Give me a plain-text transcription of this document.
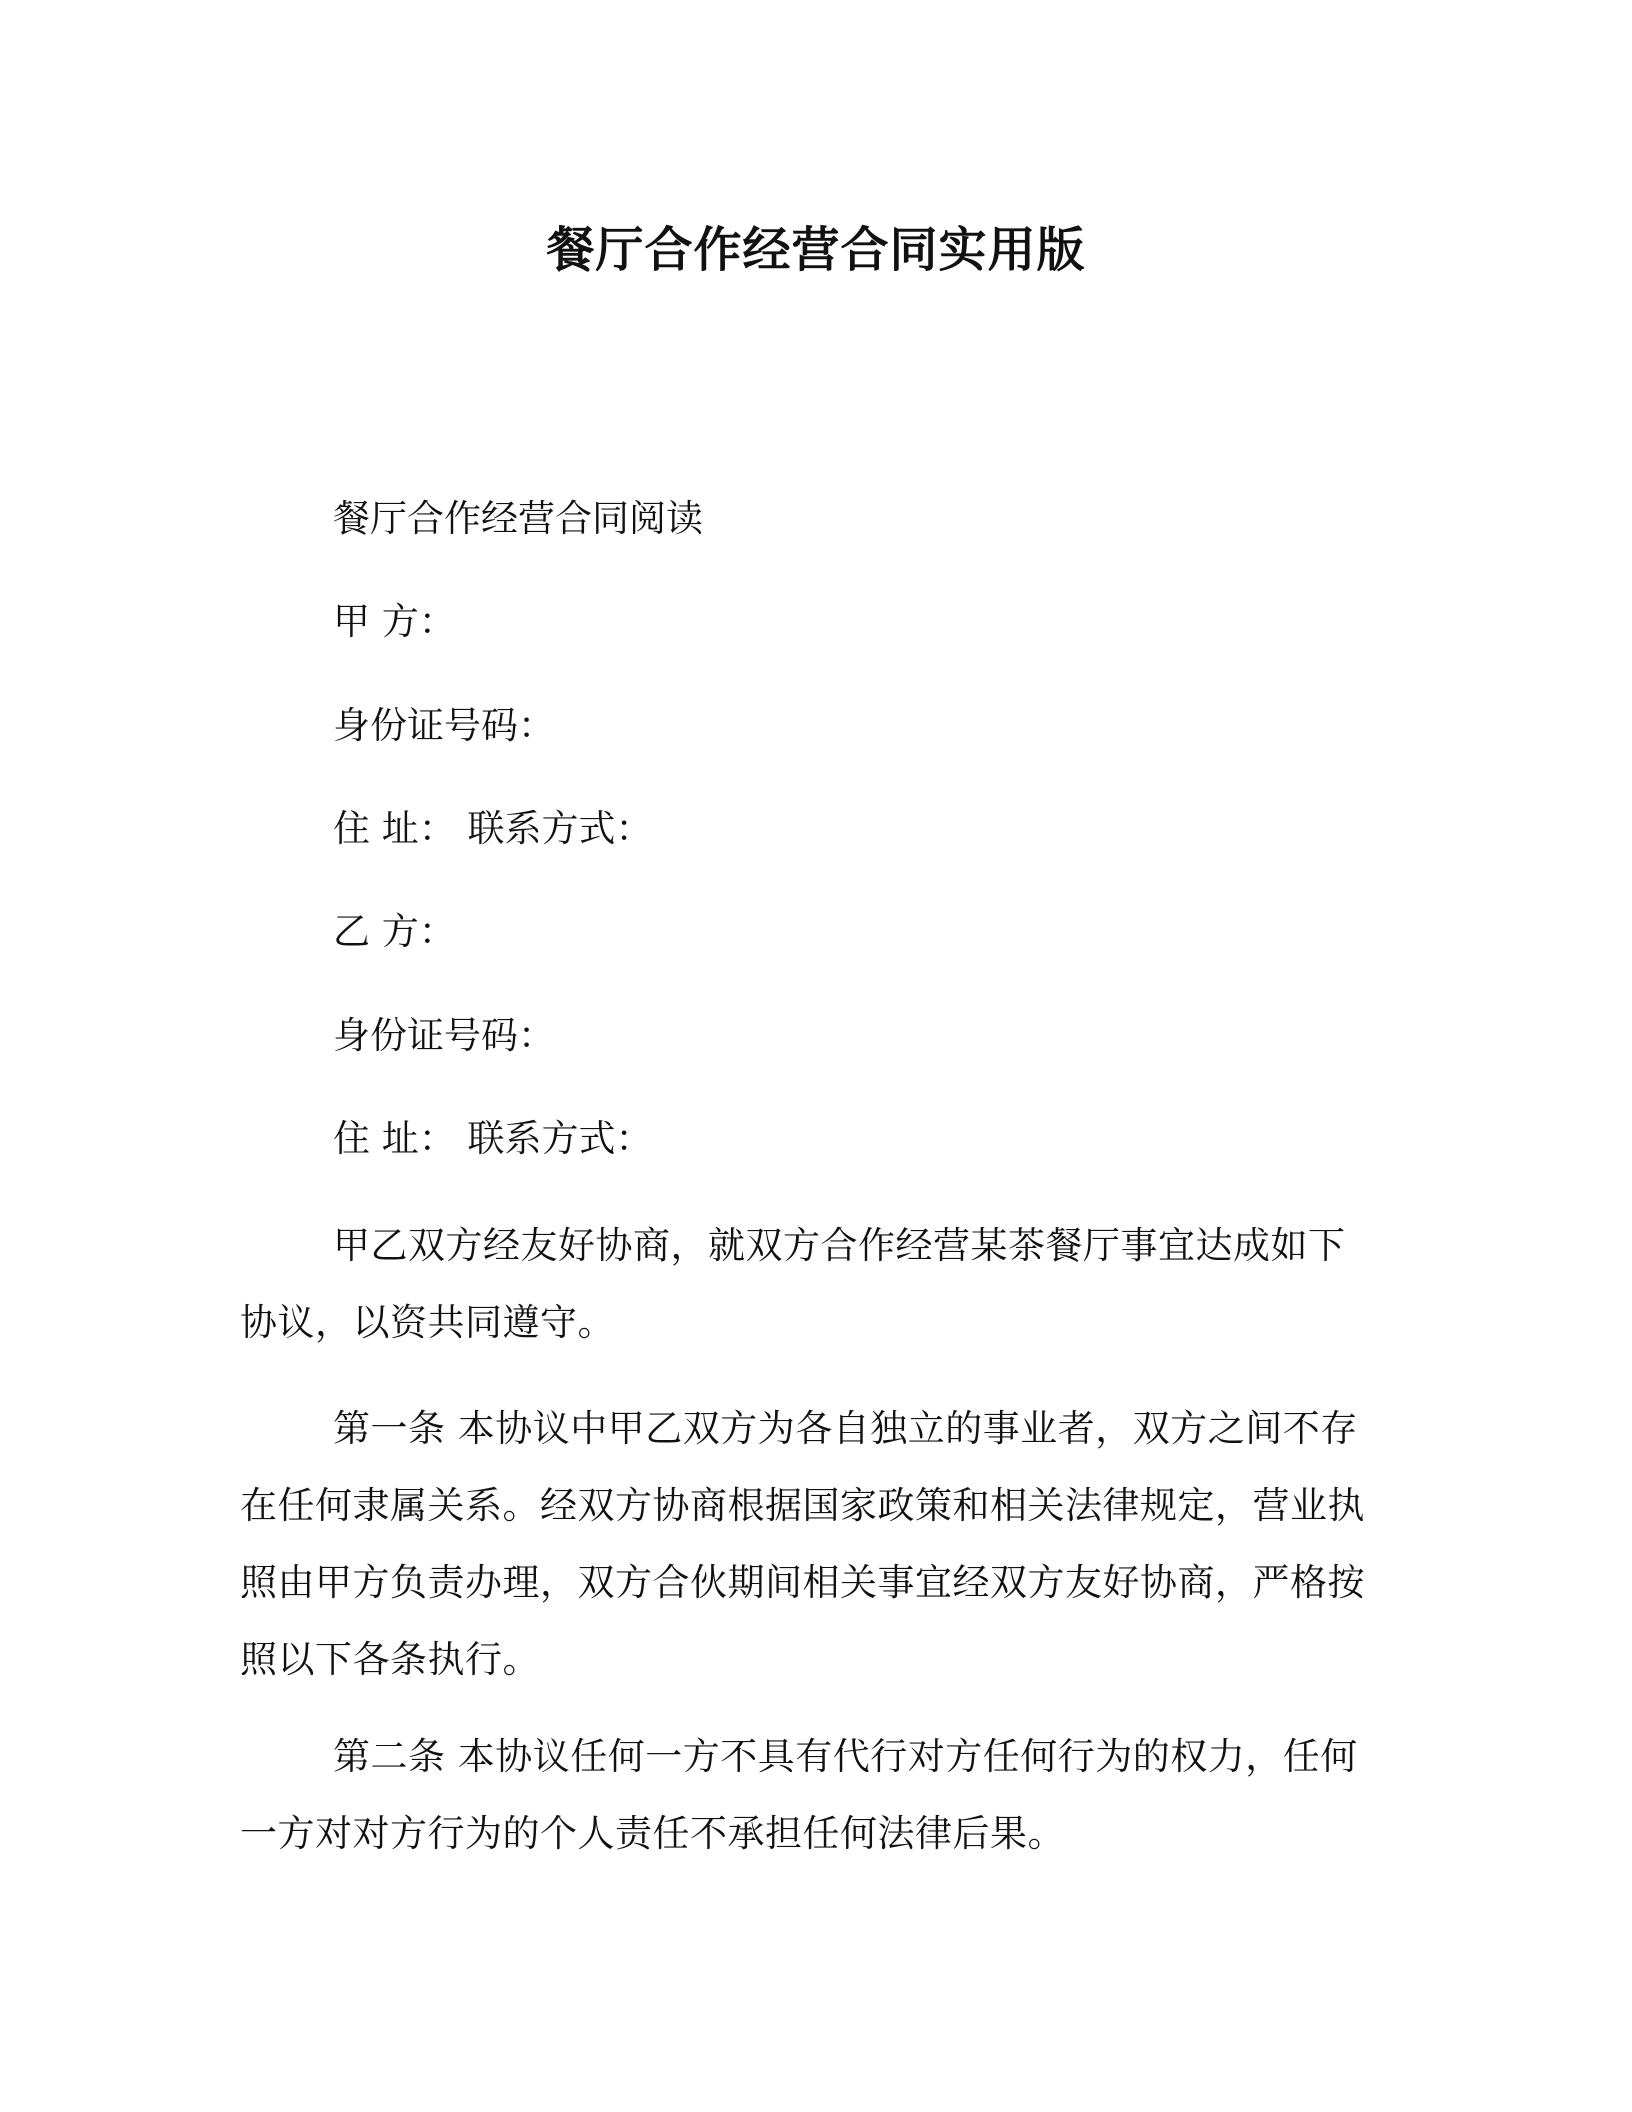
餐厅合作经营合同实用版

餐厅合作经营合同阅读

甲 方：

身份证号码：

住 址： 联系方式：

乙 方：

身份证号码：

住 址： 联系方式：

甲乙双方经友好协商，就双方合作经营某茶餐厅事宜达成如下协议，以资共同遵守。

第一条 本协议中甲乙双方为各自独立的事业者，双方之间不存在任何隶属关系。经双方协商根据国家政策和相关法律规定，营业执照由甲方负责办理，双方合伙期间相关事宜经双方友好协商，严格按照以下各条执行。

第二条 本协议任何一方不具有代行对方任何行为的权力，任何一方对对方行为的个人责任不承担任何法律后果。
